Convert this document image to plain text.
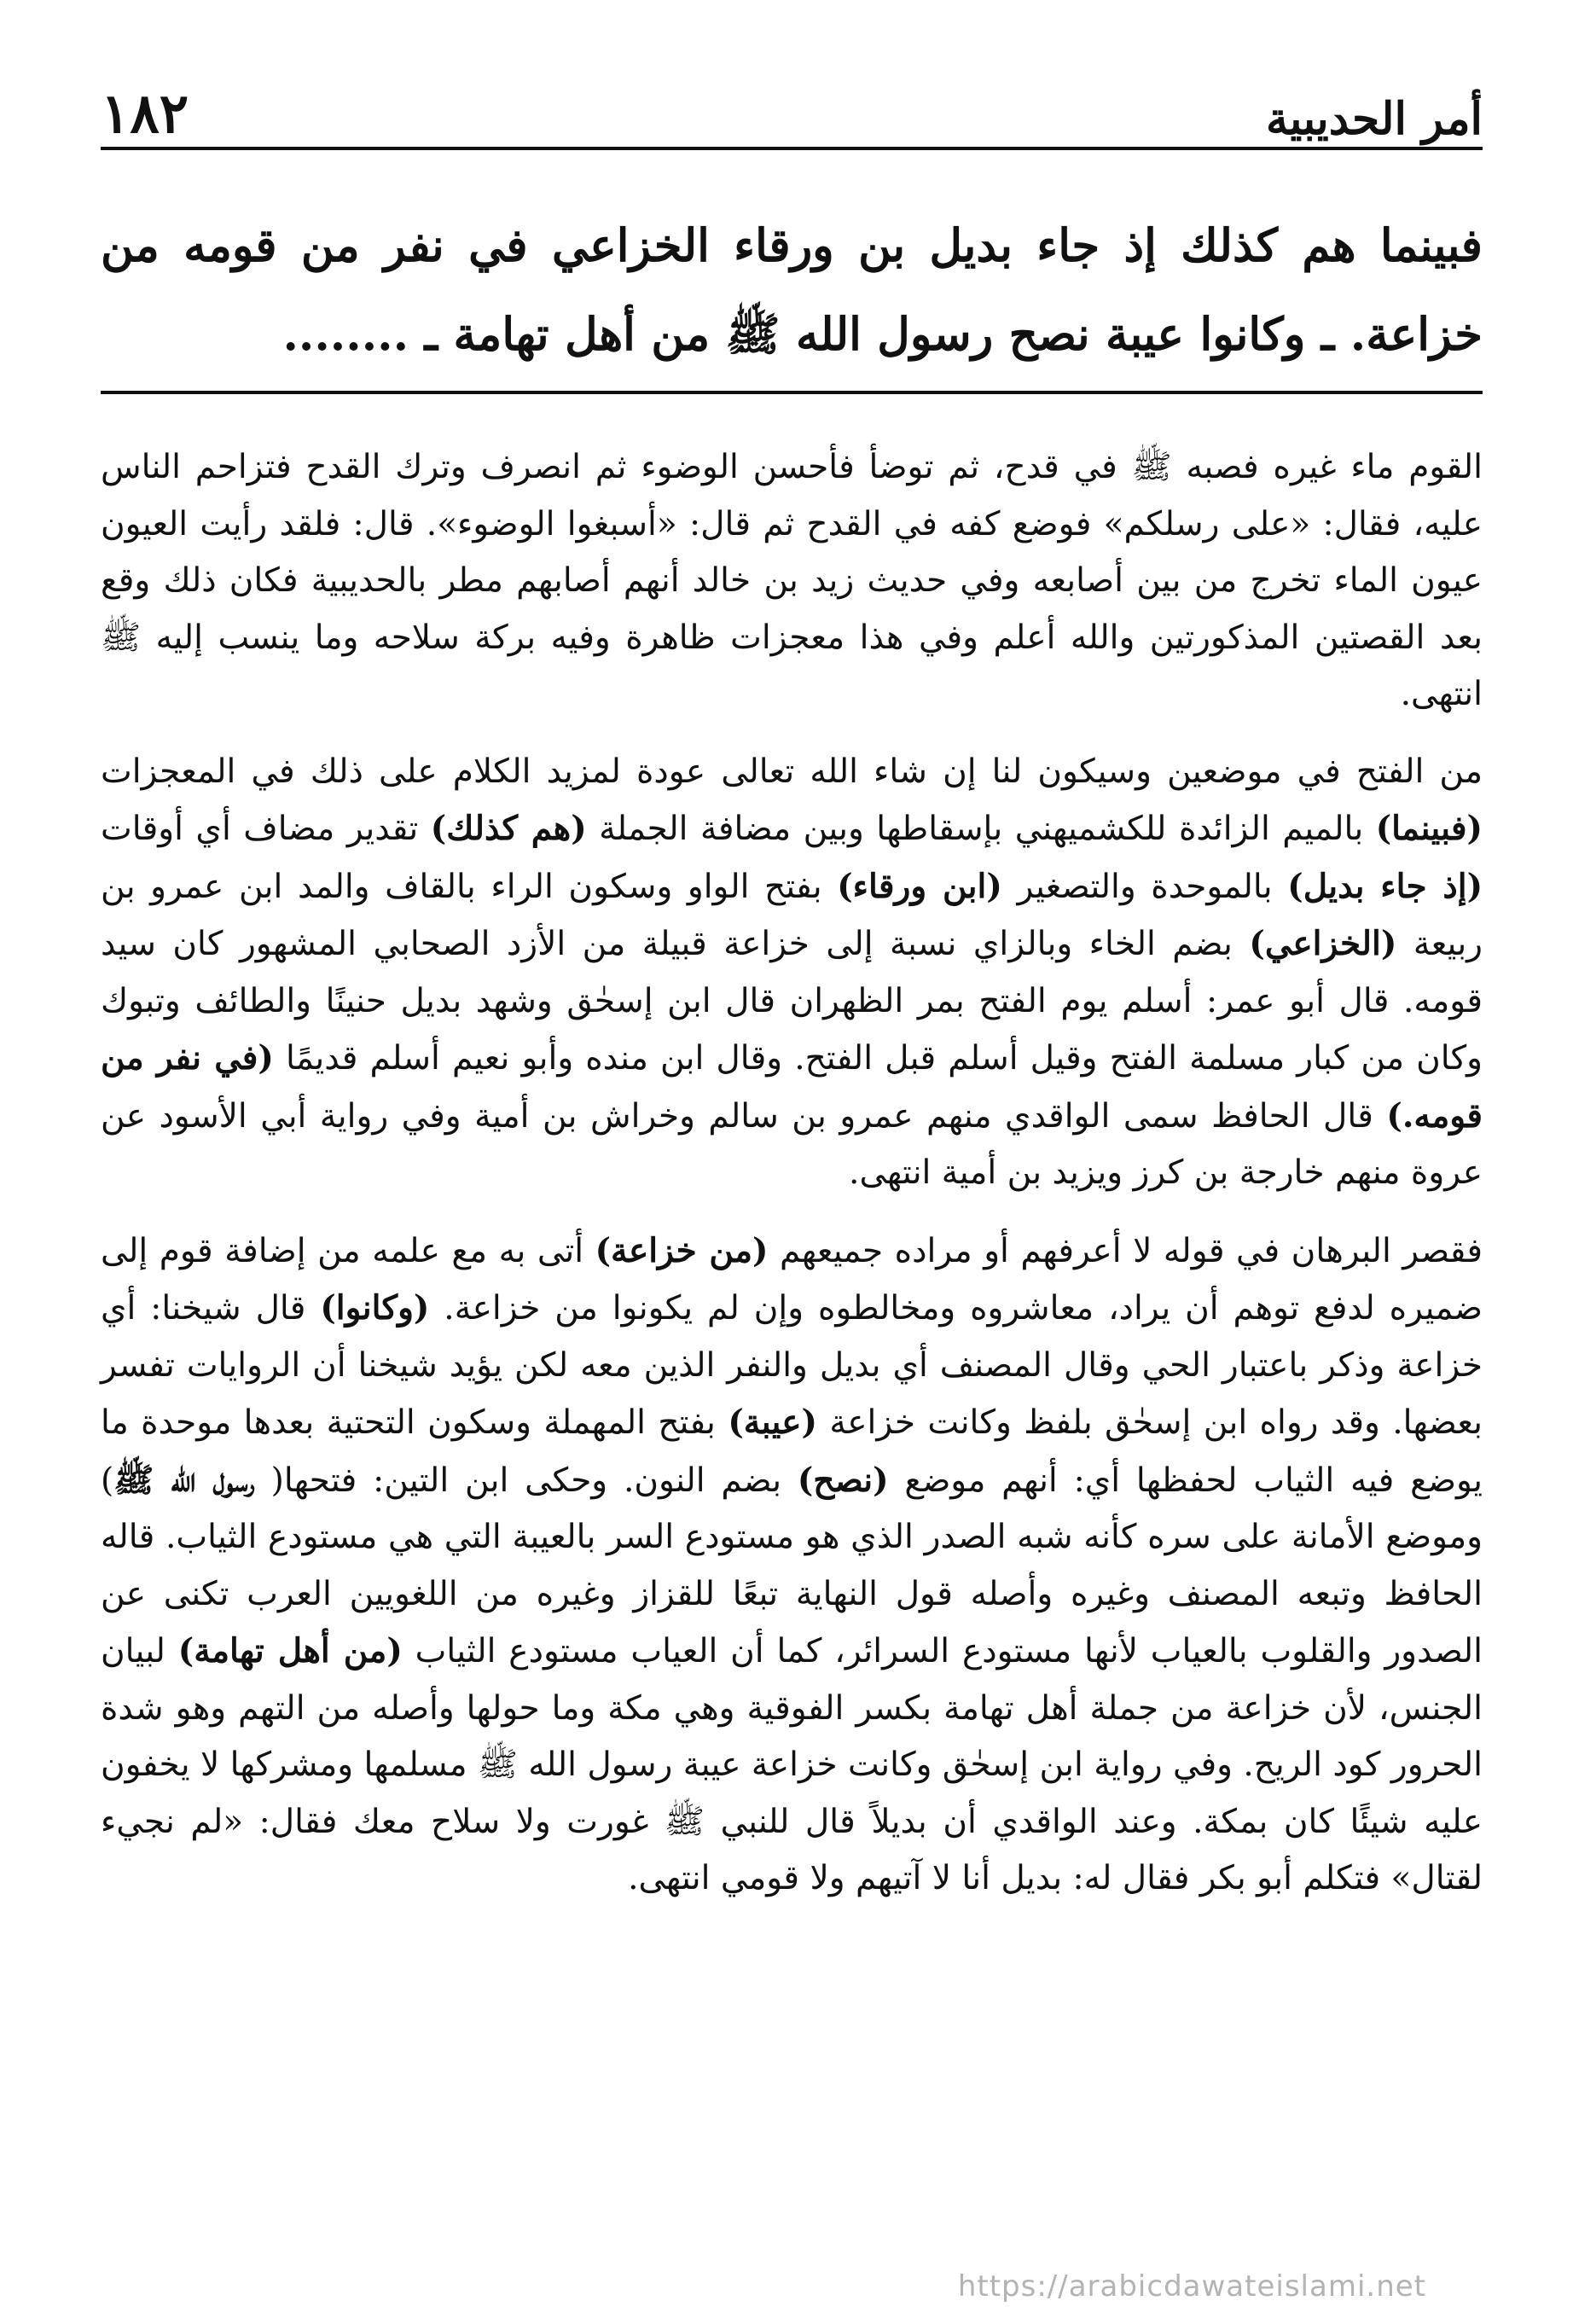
أمر الحديبية
١٨٢

فبينما هم كذلك إذ جاء بديل بن ورقاء الخزاعي في نفر من قومه من خزاعة. ـ وكانوا عيبة نصح رسول الله ﷺ من أهل تهامة ـ ........

القوم ماء غيره فصبه ﷺ في قدح، ثم توضأ فأحسن الوضوء ثم انصرف وترك القدح فتزاحم الناس عليه، فقال: «على رسلكم» فوضع كفه في القدح ثم قال: «أسبغوا الوضوء». قال: فلقد رأيت العيون عيون الماء تخرج من بين أصابعه وفي حديث زيد بن خالد أنهم أصابهم مطر بالحديبية فكان ذلك وقع بعد القصتين المذكورتين والله أعلم وفي هذا معجزات ظاهرة وفيه بركة سلاحه وما ينسب إليه ﷺ انتهى.

من الفتح في موضعين وسيكون لنا إن شاء الله تعالى عودة لمزيد الكلام على ذلك في المعجزات (فبينما) بالميم الزائدة للكشميهني بإسقاطها وبين مضافة الجملة (هم كذلك) تقدير مضاف أي أوقات (إذ جاء بديل) بالموحدة والتصغير (ابن ورقاء) بفتح الواو وسكون الراء بالقاف والمد ابن عمرو بن ربيعة (الخزاعي) بضم الخاء وبالزاي نسبة إلى خزاعة قبيلة من الأزد الصحابي المشهور كان سيد قومه. قال أبو عمر: أسلم يوم الفتح بمر الظهران قال ابن إسحٰق وشهد بديل حنينًا والطائف وتبوك وكان من كبار مسلمة الفتح وقيل أسلم قبل الفتح. وقال ابن منده وأبو نعيم أسلم قديمًا (في نفر من قومه.) قال الحافظ سمى الواقدي منهم عمرو بن سالم وخراش بن أمية وفي رواية أبي الأسود عن عروة منهم خارجة بن كرز ويزيد بن أمية انتهى.

فقصر البرهان في قوله لا أعرفهم أو مراده جميعهم (من خزاعة) أتى به مع علمه من إضافة قوم إلى ضميره لدفع توهم أن يراد، معاشروه ومخالطوه وإن لم يكونوا من خزاعة. (وكانوا) قال شيخنا: أي خزاعة وذكر باعتبار الحي وقال المصنف أي بديل والنفر الذين معه لكن يؤيد شيخنا أن الروايات تفسر بعضها. وقد رواه ابن إسحٰق بلفظ وكانت خزاعة (عيبة) بفتح المهملة وسكون التحتية بعدها موحدة ما يوضع فيه الثياب لحفظها أي: أنهم موضع (نصح) بضم النون. وحكى ابن التين: فتحها( رسول الله ﷺ) وموضع الأمانة على سره كأنه شبه الصدر الذي هو مستودع السر بالعيبة التي هي مستودع الثياب. قاله الحافظ وتبعه المصنف وغيره وأصله قول النهاية تبعًا للقزاز وغيره من اللغويين العرب تكنى عن الصدور والقلوب بالعياب لأنها مستودع السرائر، كما أن العياب مستودع الثياب (من أهل تهامة) لبيان الجنس، لأن خزاعة من جملة أهل تهامة بكسر الفوقية وهي مكة وما حولها وأصله من التهم وهو شدة الحرور كود الريح. وفي رواية ابن إسحٰق وكانت خزاعة عيبة رسول الله ﷺ مسلمها ومشركها لا يخفون عليه شيئًا كان بمكة. وعند الواقدي أن بديلاً قال للنبي ﷺ غورت ولا سلاح معك فقال: «لم نجيء لقتال» فتكلم أبو بكر فقال له: بديل أنا لا آتيهم ولا قومي انتهى.

https://arabicdawateislami.net
